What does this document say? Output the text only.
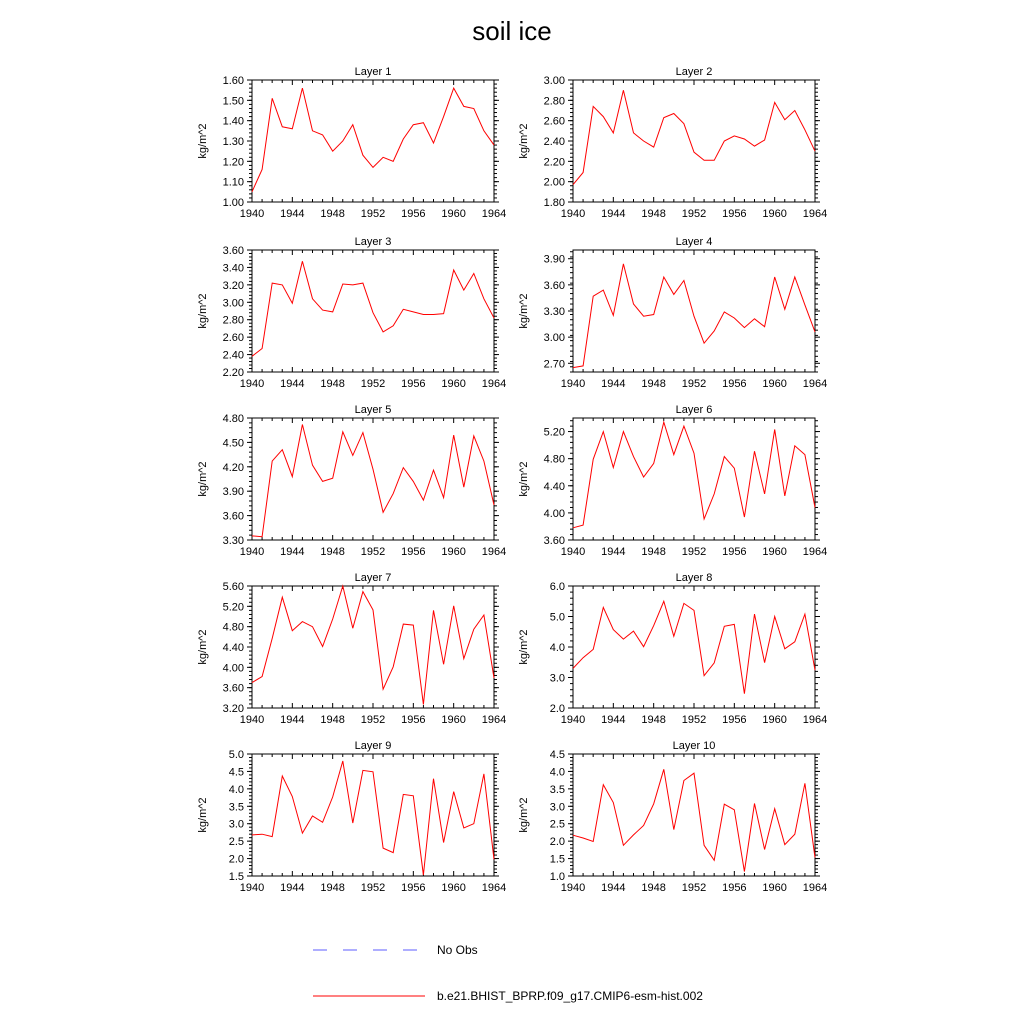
soil ice
Layer 1
kg/m^2
1940 1944 1948 1952 1956 1960 1964
1.00
1.10
1.20
1.30
1.40
1.50
1.60
Layer 2
kg/m^2
1940 1944 1948 1952 1956 1960 1964
1.80
2.00
2.20
2.40
2.60
2.80
3.00
Layer 3
kg/m^2
1940 1944 1948 1952 1956 1960 1964
2.20
2.40
2.60
2.80
3.00
3.20
3.40
3.60
Layer 4
kg/m^2
1940 1944 1948 1952 1956 1960 1964
2.70
3.00
3.30
3.60
3.90
Layer 5
kg/m^2
1940 1944 1948 1952 1956 1960 1964
3.30
3.60
3.90
4.20
4.50
4.80
Layer 6
kg/m^2
1940 1944 1948 1952 1956 1960 1964
3.60
4.00
4.40
4.80
5.20
Layer 7
kg/m^2
1940 1944 1948 1952 1956 1960 1964
3.20
3.60
4.00
4.40
4.80
5.20
5.60
Layer 8
kg/m^2
1940 1944 1948 1952 1956 1960 1964
2.0
3.0
4.0
5.0
6.0
Layer 9
kg/m^2
1940 1944 1948 1952 1956 1960 1964
1.5
2.0
2.5
3.0
3.5
4.0
4.5
5.0
Layer 10
kg/m^2
1940 1944 1948 1952 1956 1960 1964
1.0
1.5
2.0
2.5
3.0
3.5
4.0
4.5
No Obs
b.e21.BHIST_BPRP.f09_g17.CMIP6-esm-hist.002
